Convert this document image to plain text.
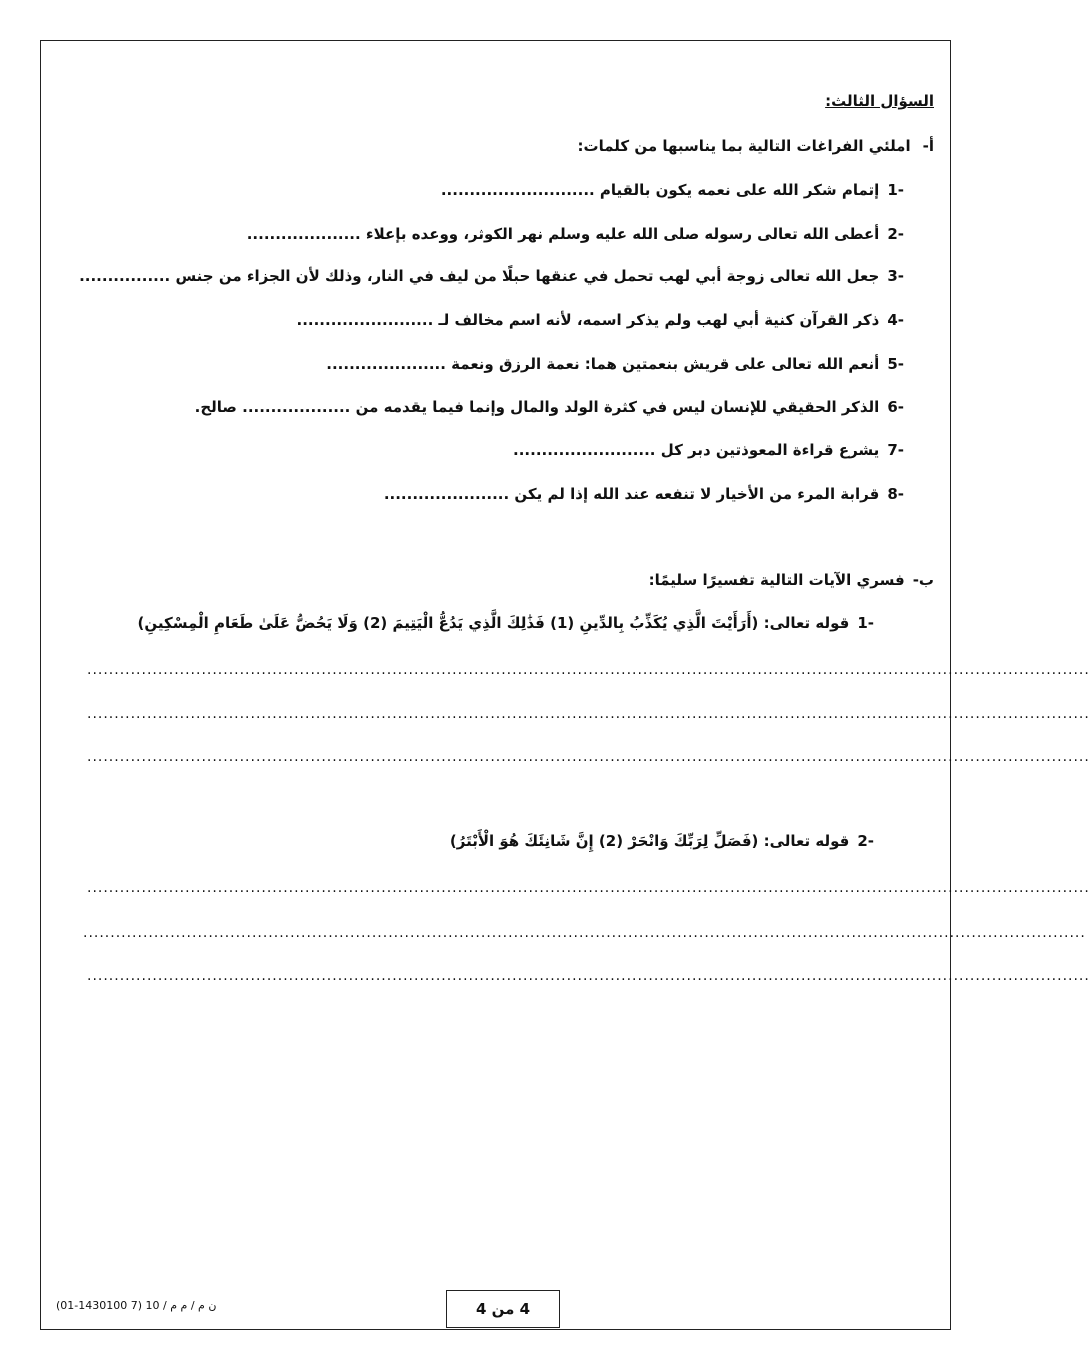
السؤال الثالث:
أ-املئي الفراغات التالية بما يناسبها من كلمات:
-1إتمام شكر الله على نعمه يكون بالقيام ...........................
-2أعطى الله تعالى رسوله صلى الله عليه وسلم نهر الكوثر، ووعده بإعلاء ....................
-3جعل الله تعالى زوجة أبي لهب تحمل في عنقها حبلًا من ليف في النار، وذلك لأن الجزاء من جنس ................
-4ذكر القرآن كنية أبي لهب ولم يذكر اسمه، لأنه اسم مخالف لـ ........................
-5أنعم الله تعالى على قريش بنعمتين هما: نعمة الرزق ونعمة .....................
-6الذكر الحقيقي للإنسان ليس في كثرة الولد والمال وإنما فيما يقدمه من ................... صالح.
-7يشرع قراءة المعوذتين دبر كل .........................
-8قرابة المرء من الأخيار لا تنفعه عند الله إذا لم يكن ......................
ب-فسري الآيات التالية تفسيرًا سليمًا:
-1قوله تعالى: (أَرَأَيْتَ الَّذِي يُكَذِّبُ بِالدِّينِ (1) فَذَٰلِكَ الَّذِي يَدُعُّ الْيَتِيمَ (2) وَلَا يَحُضُّ عَلَىٰ طَعَامِ الْمِسْكِينِ)
........................................................................................................................................................................................
........................................................................................................................................................................................
........................................................................................................................................................................................
-2قوله تعالى: (فَصَلِّ لِرَبِّكَ وَانْحَرْ (2) إِنَّ شَانِئَكَ هُوَ الْأَبْتَرُ)
........................................................................................................................................................................................
........................................................................................................................................................................................
........................................................................................................................................................................................
4 من 4
(01-1430100 7) 10 / ن م / م م
